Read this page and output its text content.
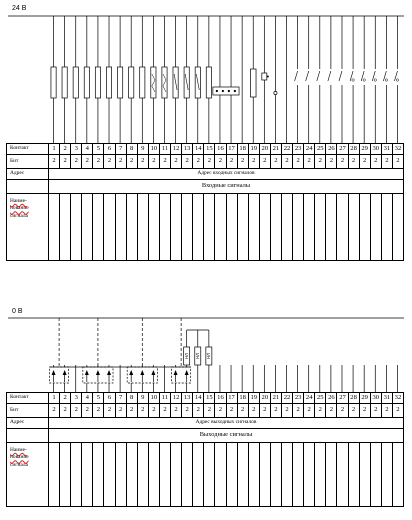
24 В
0 В
НЛ НЛ НЛ
Контакт	1	2	3	4	5	6	7	8	9	10	11	12	13	14	15	16	17	18	19	20	21	22	23	24	25	26	27	28	29	30	31	32
Бит	2	2	2	2	2	2	2	2	2	2	2	2	2	2	2	2	2	2	2	2	2	2	2	2	2	2	2	2	2	2	2	2
Адрес	Адрес входных сигналов																															
	Входные сигналы																															
Наиме-
нование
сигнала																																
Контакт	1	2	3	4	5	6	7	8	9	10	11	12	13	14	15	16	17	18	19	20	21	22	23	24	25	26	27	28	29	30	31	32
Бит	2	2	2	2	2	2	2	2	2	2	2	2	2	2	2	2	2	2	2	2	2	2	2	2	2	2	2	2	2	2	2	2
Адрес	Адрес выходных сигналов																															
	Выходные сигналы																															
Наиме-
нование
сигнала																																
